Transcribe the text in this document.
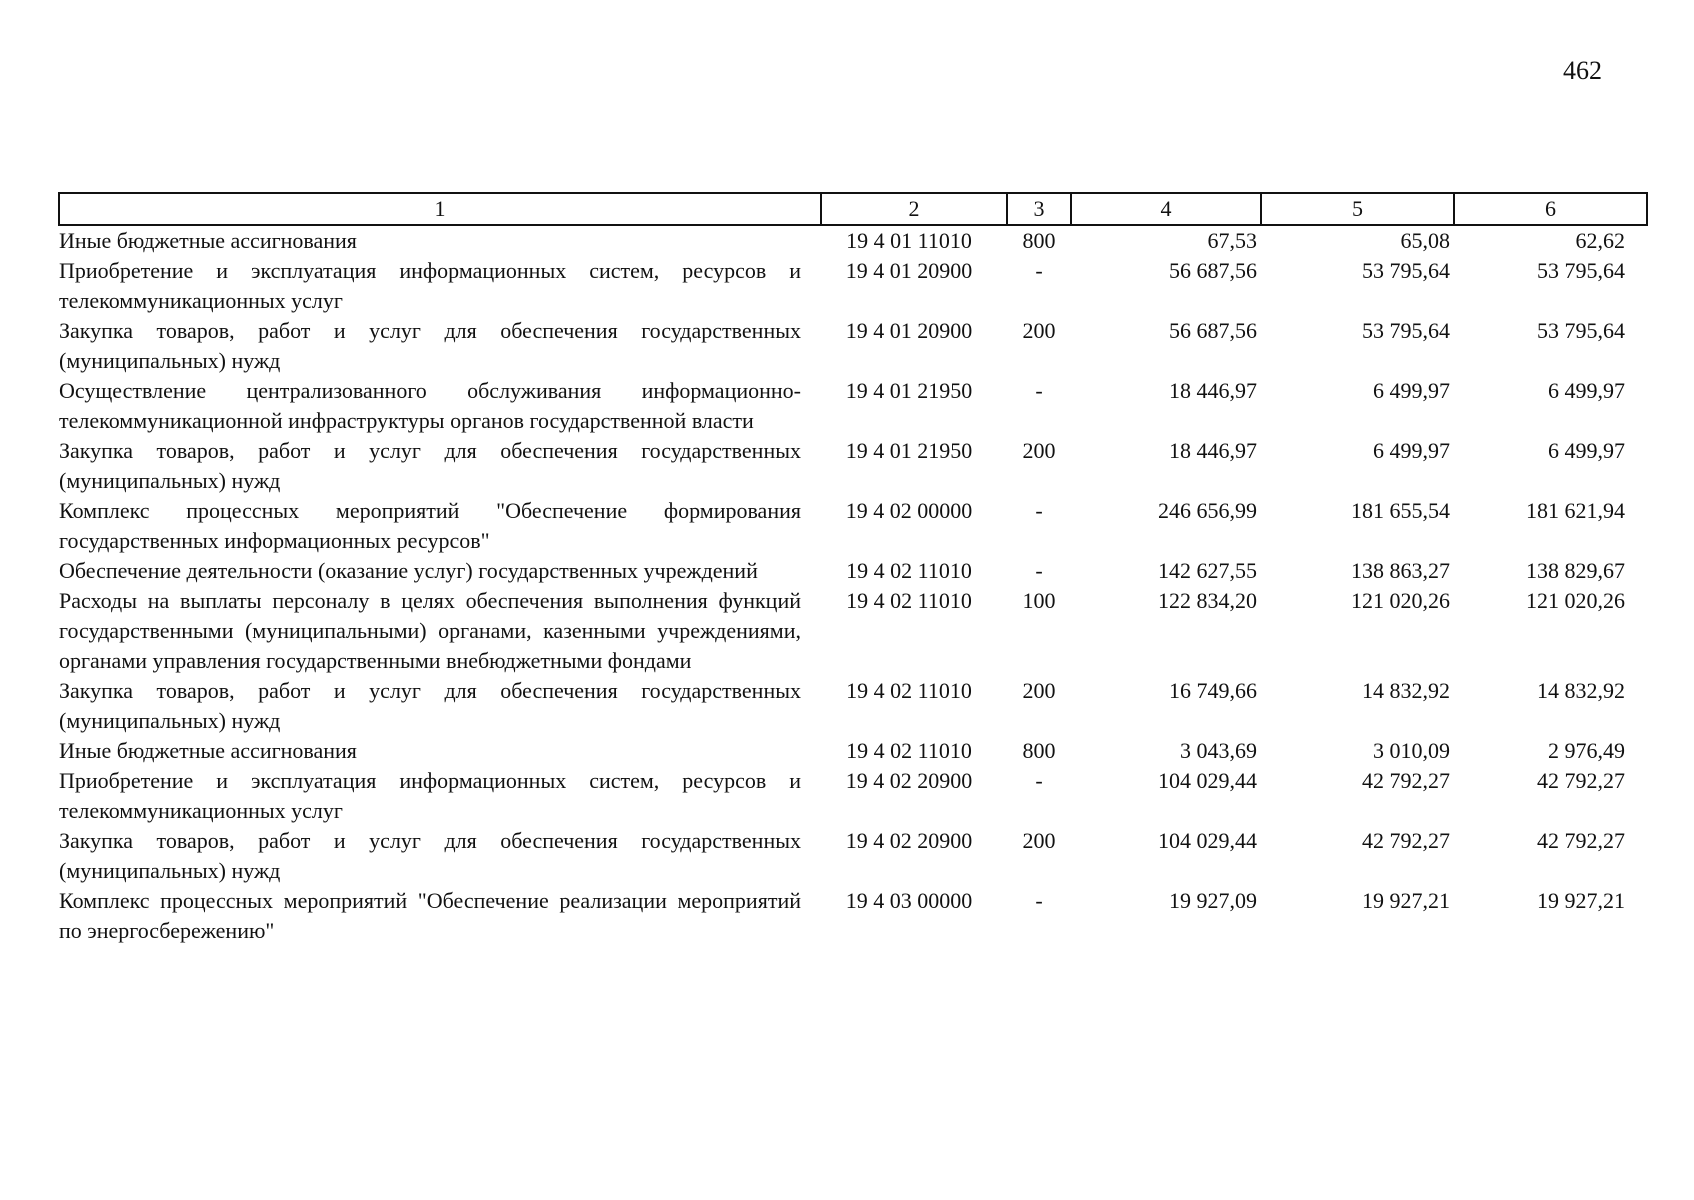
462
1	2	3	4	5	6
Иные бюджетные ассигнования	19 4 01 11010	800	67,53	65,08	62,62
Приобретение и эксплуатация информационных систем, ресурсов и телекоммуникационных услуг	19 4 01 20900	-	56 687,56	53 795,64	53 795,64
Закупка товаров, работ и услуг для обеспечения государственных (муниципальных) нужд	19 4 01 20900	200	56 687,56	53 795,64	53 795,64
Осуществление централизованного обслуживания информационно-телекоммуникационной инфраструктуры органов государственной власти	19 4 01 21950	-	18 446,97	6 499,97	6 499,97
Закупка товаров, работ и услуг для обеспечения государственных (муниципальных) нужд	19 4 01 21950	200	18 446,97	6 499,97	6 499,97
Комплекс процессных мероприятий "Обеспечение формирования государственных информационных ресурсов"	19 4 02 00000	-	246 656,99	181 655,54	181 621,94
Обеспечение деятельности (оказание услуг) государственных учреждений	19 4 02 11010	-	142 627,55	138 863,27	138 829,67
Расходы на выплаты персоналу в целях обеспечения выполнения функций государственными (муниципальными) органами, казенными учреждениями, органами управления государственными внебюджетными фондами	19 4 02 11010	100	122 834,20	121 020,26	121 020,26
Закупка товаров, работ и услуг для обеспечения государственных (муниципальных) нужд	19 4 02 11010	200	16 749,66	14 832,92	14 832,92
Иные бюджетные ассигнования	19 4 02 11010	800	3 043,69	3 010,09	2 976,49
Приобретение и эксплуатация информационных систем, ресурсов и телекоммуникационных услуг	19 4 02 20900	-	104 029,44	42 792,27	42 792,27
Закупка товаров, работ и услуг для обеспечения государственных (муниципальных) нужд	19 4 02 20900	200	104 029,44	42 792,27	42 792,27
Комплекс процессных мероприятий "Обеспечение реализации мероприятий по энергосбережению"	19 4 03 00000	-	19 927,09	19 927,21	19 927,21
